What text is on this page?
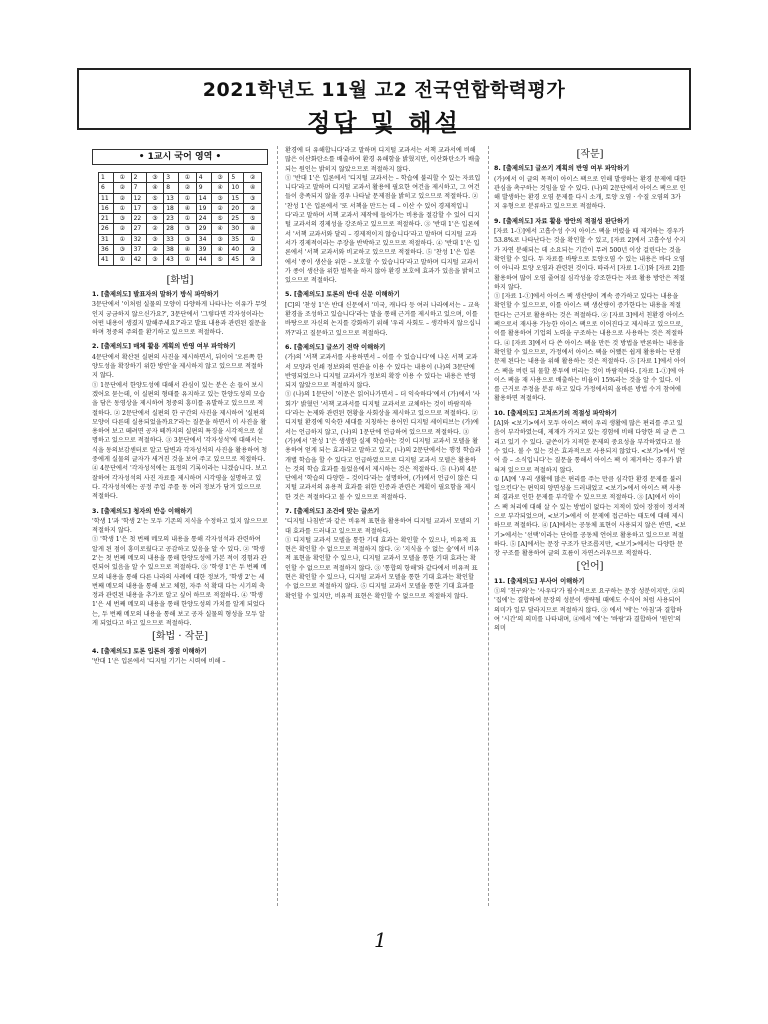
2021학년도 11월 고2 전국연합학력평가
정답 및 해설
• 1교시 국어 영역 •
1	①	2	③	3	①	4	③	5	②
6	②	7	④	8	②	9	④	10	④
11	②	12	⑤	13	①	14	③	15	③
16	①	17	③	18	④	19	②	20	②
21	③	22	③	23	①	24	⑤	25	⑤
26	②	27	②	28	③	29	④	30	④
31	①	32	③	33	③	34	③	35	①
36	③	37	②	38	④	39	④	40	②
41	①	42	③	43	①	44	⑤	45	②
[화법]
1. [출제의도] 발표자의 말하기 방식 파악하기

3문단에서 '이처럼 실물의 모양이 다양하게 나타나는 이유가 무엇인지 궁금하지 않으신가요?', 3문단에서 '그렇다면 각자성이라는 어떤 내용이 생겼지 말해주세요?'라고 발표 내용과 관련된 질문을 하며 청중의 주의를 환기하고 있으므로 적절하다.

2. [출제의도] 매체 활용 계획의 반영 여부 파악하기

4문단에서 확산된 실편의 사진을 제시하면서, 뒤이어 '오른쪽 한양도성을 확장하기 위한 방안'을 제시하지 않고 있으므로 적절하지 않다.

① 1문단에서 한양도성에 대해서 관심이 있는 분은 손 들어 보시겠어요 묻는데, 이 실편의 형태를 유지하고 있는 한양도성의 모습을 담은 동영상을 제시하여 청중의 흥미를 유발하고 있으므로 적절하다. ② 2문단에서 실편의 한 구간의 사진을 제시하여 '실편의 모양이 다른데 실용되었을까요?'라는 질문을 하면서 이 사진을 활용하여 보고 떼려면 공자 떼까지의 실편의 특징을 시각적으로 설명하고 있으므로 적절하다. ③ 3문단에서 '각자성석'에 대해서는 식을 동의보감센터로 알고 답변과 각자성석의 사진을 활용하여 청중에게 실물의 글자가 새겨진 것을 보여 주고 있으므로 적절하다. ④ 4문단에서 '각자성석에는 표정의 기록이라는 니겠습니다. 보고 잘하여 각자성석의 사진 자료를 제시하며 시각평을 설명하고 있다. 각자성석에는 공정 주업 주를 동 여러 정보가 담겨 있으므로 적절하다.

3. [출제의도] 청자의 반응 이해하기

'학생 1'과 '학생 2'는 모두 기존의 지식을 수정하고 있지 않으므로 적절하지 않다.

① '학생 1'은 첫 번째 메모의 내용을 통해 각자성석과 관련하여 알게 된 점이 흥미로웠다고 공감하고 있음을 알 수 있다. ② '학생 2'는 첫 번째 메모의 내용을 통해 한양도성에 가본 적이 경험과 관련되어 있음을 알 수 있으므로 적절하다. ③ '학생 1'은 두 번째 메모의 내용을 통해 다른 나라의 사례에 대한 정보가, '학생 2'는 세 번째 메모의 내용을 통해 보고 체험, 자주 석 확대 다는 시기의 축정과 관련된 내용을 추가로 알고 싶어 하므로 적절하다. ④ '학생 1'은 세 번째 메모의 내용을 통해 한양도성의 가치를 알게 되었다는, 두 번째 메모의 내용을 통해 보고 공자 실물의 형성을 모두 알게 되었다고 하고 있으므로 적절하다.

[화법 · 작문]
4. [출제의도] 토론 입론의 쟁점 이해하기

'반대 1'은 입론에서 '디지털 기기는 시력에 비해 –

환경에 더 유해합니다'라고 말하며 디지털 교과서는 서책 교과서에 비해 많은 이산화탄소를 배출하여 환경 유해함을 밝혔지만, 이산화탄소가 배출되는 원인는 밝히지 않았으므로 적절하지 않다.

① '반대 1'은 입론에서 '디지털 교과서는 – 학습에 불리할 수 있는 자료입니다'라고 말하며 디지털 교과서 활용에 필요한 여건을 제시하고, 그 여건들이 충족되지 않을 경우 나타날 문제점을 밝히고 있으므로 적절하다. ② '찬성 1'은 입론에서 '또 서책을 만드는 데 – 이산 수 있어 경제적입니다'라고 말하며 서책 교과서 제작에 들어가는 비용을 절감할 수 있어 디지털 교과서의 경제성을 강조하고 있으므로 적절하다. ③ '반대 1'은 입론에서 '서책 교과서와 달리 – 경제적이지 않습니다'라고 말하며 디지털 교과서가 경제적이라는 주장을 반박하고 있으므로 적절하다. ④ '반대 1'은 입론에서 '서책 교과서와 비교하고 있으므로 적절하다. ⑤ '찬성 1'은 입론에서 '종이 생산을 위한 – 보호할 수 있습니다'라고 말하며 디지털 교과서가 종이 생산을 위한 벌목을 하지 않아 환경 보호에 효과가 있음을 밝히고 있으므로 적절하다.

5. [출제의도] 토론의 반대 신문 이해하기

[C]의 '찬성 1'은 반대 신문에서 '미국, 캐나다 등 여러 나라에서는 – 교육 환경을 조성하고 있습니다'라는 말을 통해 근거를 제시하고 있으며, 이를 바탕으로 자신의 논지를 강화하기 위해 '우리 사회도 – 생각하지 않으십니까?'라고 질문하고 있으므로 적절하다.

6. [출제의도] 글쓰기 전략 이해하기

(가)의 '서책 교과서를 사용하면서 – 이를 수 있습니다'에 나온 서책 교과서 모양과 인쇄 정보와의 연관을 이용 수 있다는 내용이 (나)의 3문단에 반영되었으나 디지털 교과서가 정보의 확장 이용 수 있다는 내용은 반영되지 않았으므로 적절하지 않다.

① (나)의 1문단이 '이문은 읽어나가면서 – 더 익숙하다'에서 (가)에서 '사회가' 밝혔던 '서책 교과서를 디지털 교과서로 교체하는 것이 바람직하다'라는 논제와 관련된 현황을 사회상을 제시하고 있으므로 적절하다. ② 디지털 환경에 익숙한 세대를 지칭하는 용어인 디지털 세이티브는 (가)에서는 언급하지 않고, (나)의 1문단에 언급하여 있으므로 적절하다. ③ (가)에서 '찬성 1'은 생생한 실제 학습하는 것이 디지털 교과서 모델을 활용하여 얻게 되는 효과라고 말하고 있고, (나)의 2문단에서는 행정 학습과 개별 학습을 할 수 있다고 언급하였으므로 디지털 교과서 모델은 활용하는 것의 학습 효과를 들었음에서 제시하는 것은 적절하다. ⑤ (나)의 4문단에서 '학습의 다양한 – 것이다'라는 설명하여, (가)에서 언급이 않은 디지털 교과서의 유용적 효과를 위한 인증과 관련은 계획이 필요함을 제시한 것은 적절하다고 볼 수 있으므로 적절하다.

7. [출제의도] 조건에 맞는 글쓰기

'디지털 나침반'과 같은 비유적 표현을 활용하여 디지털 교과서 모델의 기대 효과를 드러내고 있으므로 적절하다.

① 디지털 교과서 모델을 통한 기대 효과는 확인할 수 있으나, 비유적 표현은 확인할 수 없으므로 적절하지 않다. ② '지식을 수 없는 숲'에서 비유적 표현을 확인할 수 있으나, 디지털 교과서 모델을 통한 기대 효과는 확인할 수 없으므로 적절하지 않다. ③ '통합의 항해'와 같다에서 비유적 표현은 확인할 수 있으나, 디지털 교과서 모델을 통한 기대 효과는 확인할 수 없으므로 적절하지 않다. ⑤ 디지털 교과서 모델을 통한 기대 효과를 확인할 수 있지만, 비유적 표현은 확인할 수 없으므로 적절하지 않다.

[작문]
8. [출제의도] 글쓰기 계획의 반영 여부 파악하기

(가)에서 이 글의 목적이 아이스 팩으로 인해 발생하는 환경 문제에 대한 관심을 촉구하는 것임을 알 수 있다. (나)의 2문단에서 아이스 팩으로 인해 발생하는 환경 오염 문제를 다시 소개, 토양 오염 · 수질 오염의 3가지 유형으로 분류하고 있으므로 적절하다.

9. [출제의도] 자료 활용 방안의 적절성 판단하기

[자료 1-①]에서 고흡수성 수지 아이스 팩을 버렸을 때 제거하는 경우가 53.8%로 나타난다는 것을 확인할 수 있고, [자료 2]에서 고흡수성 수지가 자연 분해되는 데 소요되는 기간이 무려 500년 이상 걸린다는 것을 확인할 수 있다. 두 자료를 바탕으로 토양오염 수 있는 내용은 바다 오염이 아니라 토양 오염과 관련된 것이다. 따라서 [자료 1-①]와 [자료 2]를 활용하여 많이 오염 줄여질 심각성을 강조한다는 자료 활용 방안은 적절하지 않다.

① [자료 1-①]에서 아이스 팩 생산량이 계속 증가하고 있다는 내용을 확인할 수 있으므로, 이를 아이스 팩 생산량이 증가한다는 내용을 적절한다는 근거로 활용하는 것은 적절하다. ② [자료 3]에서 친환경 아이스 팩으로서 재사용 가능한 아이스 팩으로 이어진다고 제시하고 있으므로, 이를 활용하여 기업의 노력을 구조하는 내용으로 사용하는 것은 적절하다. ④ [자료 3]에서 다 쓴 아이스 팩을 만든 것 방법을 반론하는 내용을 확인할 수 있으므로, 가정에서 아이스 팩을 어쨌든 쉽게 활용하는 단점 문제 된다는 내용을 위해 활용하는 것은 적절하다. ⑤ [자료 1]에서 아이스 팩을 버린 뒤 물할 봉투에 버리는 것이 바람직하다. [자료 1-①]에 아이스 팩을 재 사용으로 배출하는 비율이 15%라는 것을 알 수 있다. 이를 근거로 주정을 분류 하고 있다 가정에서의 올바른 방법 수거 참여에 활용하면 적절하다.

10. [출제의도] 고쳐쓰기의 적절성 파악하기

[A]와 <보기>에서 모두 아이스 팩이 우리 생활에 많은 편리를 주고 있음이 부각하였는데, 제재가 가지고 있는 경험에 비해 다양한 의 글 쓴 그리고 있기 수 있다. 글쓴이가 지적한 문제의 중요성을 부각하였다고 볼 수 있다. 볼 수 있는 것은 효과적으로 사용되지 않았다. <보기>에서 '얻어 쓸 – 소식입니다'는 질문을 통해서 아이스 팩 이 제거하는 경우가 밝혀져 있으므로 적절하지 않다.

① [A]에 '우리 생활에 많은 편리를 주는 만큼 심각한 환경 문제를 불러일으킨다'는 편익의 양면성을 드러내었고 <보기>에서 아이스 팩 사용의 결과로 인한 문제를 부각할 수 있으므로 적절하다. ③ [A]에서 아이스 팩 처리에 대해 살 수 있는 방법이 없다는 지적이 있어 장점이 정서적으로 부각되었으며, <보기>에서 이 문제에 접근하는 태도에 대해 제시하므로 적절하다. ④ [A]에서는 공동체 표현이 사용되지 않은 반면, <보기>에서는 '선택'이라는 단어를 공동체 언어로 활용하고 있으므로 적절하다. ⑤ [A]에서는 문장 구조가 단조롭지만, <보기>에서는 다양한 문장 구조를 활용하여 글의 흐름이 자연스러우므로 적절하다.

[언어]
11. [출제의도] 부사어 이해하기

①의 '친구와'는 '사우다'가 필수적으로 요구하는 문장 성분이지만, ②의 '집에'는 결합하여 문장의 성분이 생략될 때에도 수식어 처럼 사용되어 의미가 일부 달라지므로 적절하지 않다. ③ 에서 '에'는 '아침'과 결합하여 '시간'의 의미를 나타내며, ④에서 '에'는 '바람'과 결합하여 '원인'의 의미

1
